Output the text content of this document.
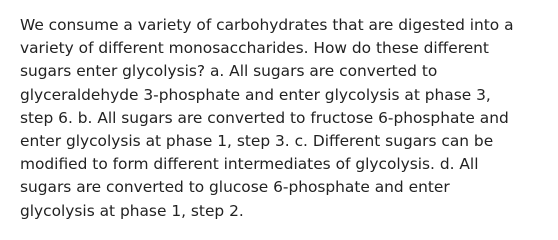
We consume a variety of carbohydrates that are digested into a
variety of different monosaccharides. How do these different
sugars enter glycolysis? a. All sugars are converted to
glyceraldehyde 3-phosphate and enter glycolysis at phase 3,
step 6. b. All sugars are converted to fructose 6-phosphate and
enter glycolysis at phase 1, step 3. c. Different sugars can be
modified to form different intermediates of glycolysis. d. All
sugars are converted to glucose 6-phosphate and enter
glycolysis at phase 1, step 2.
